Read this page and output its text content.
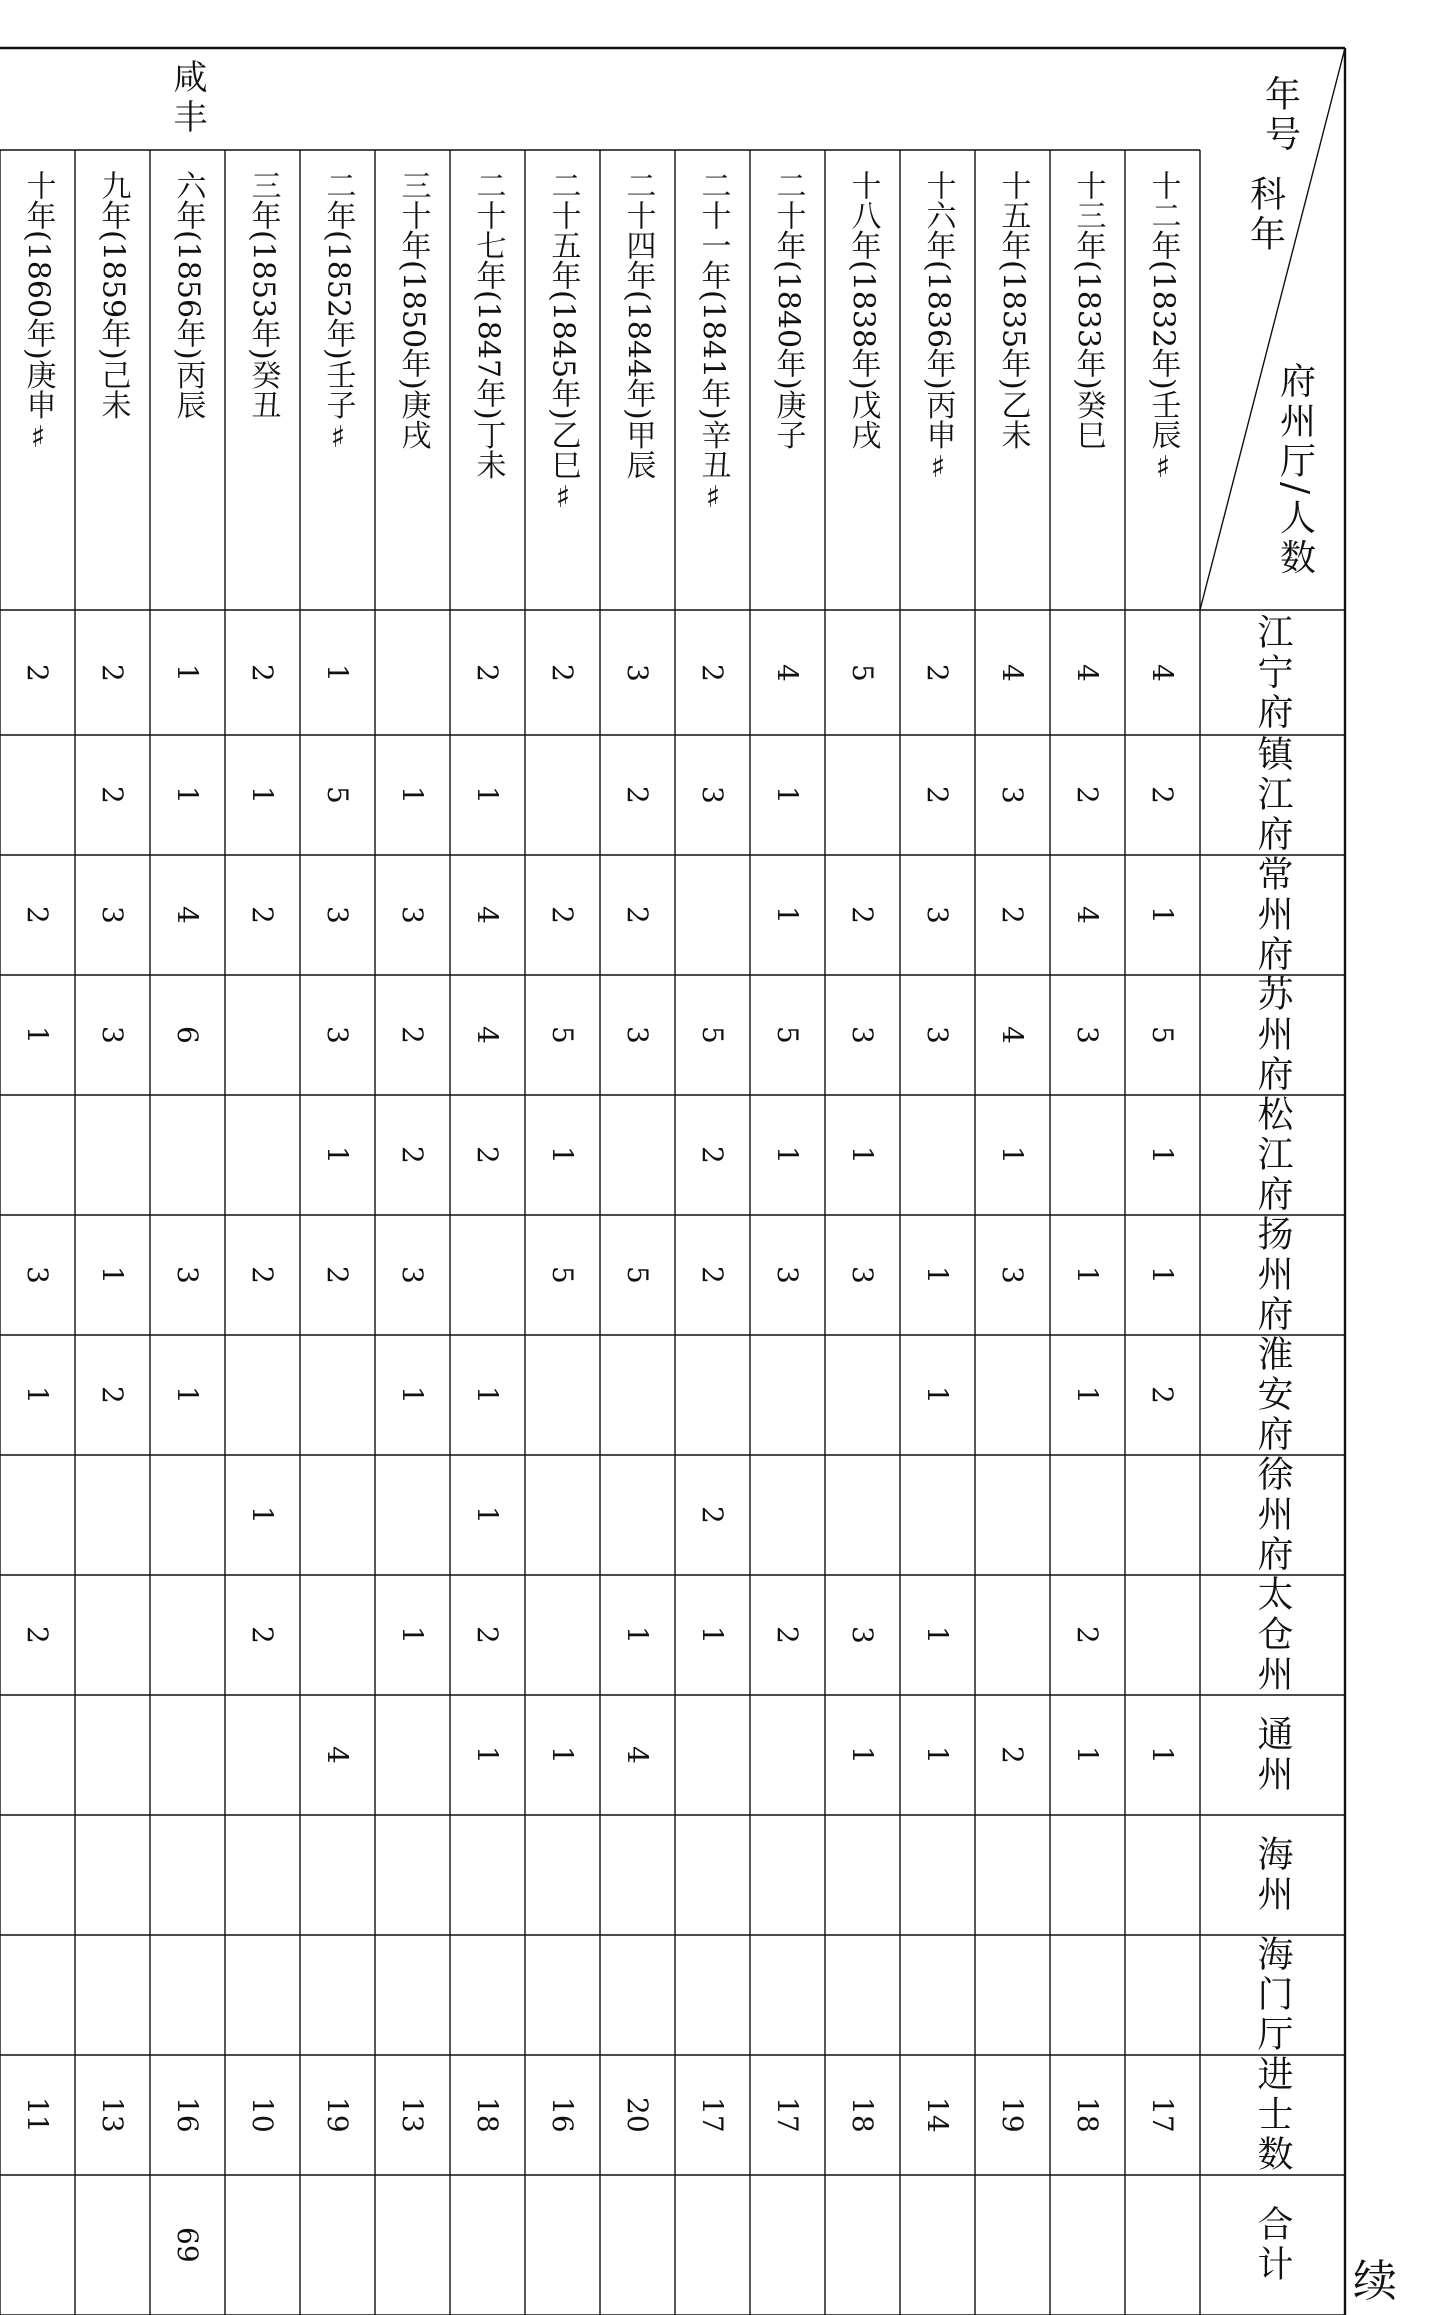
年号
科年
府州厅/人数
江宁府
镇江府
常州府
苏州府
松江府
扬州府
淮安府
徐州府
太仓州
通州
海州
海门厅
进士数
合计
咸丰
69
十二年(1832年)壬辰♯
4
2
1
5
1
1
2
1
17
十三年(1833年)癸巳
4
2
4
3
1
1
2
1
18
十五年(1835年)乙未
4
3
2
4
1
3
2
19
十六年(1836年)丙申♯
2
2
3
3
1
1
1
1
14
十八年(1838年)戊戌
5
2
3
1
3
3
1
18
二十年(1840年)庚子
4
1
1
5
1
3
2
17
二十一年(1841年)辛丑♯
2
3
5
2
2
2
1
17
二十四年(1844年)甲辰
3
2
2
3
5
1
4
20
二十五年(1845年)乙巳♯
2
2
5
1
5
1
16
二十七年(1847年)丁未
2
1
4
4
2
1
1
2
1
18
三十年(1850年)庚戌
1
3
2
2
3
1
1
13
二年(1852年)壬子♯
1
5
3
3
1
2
4
19
三年(1853年)癸丑
2
1
2
2
1
2
10
六年(1856年)丙辰
1
1
4
6
3
1
16
九年(1859年)己未
2
2
3
3
1
2
13
十年(1860年)庚申♯
2
2
1
3
1
2
11
续
